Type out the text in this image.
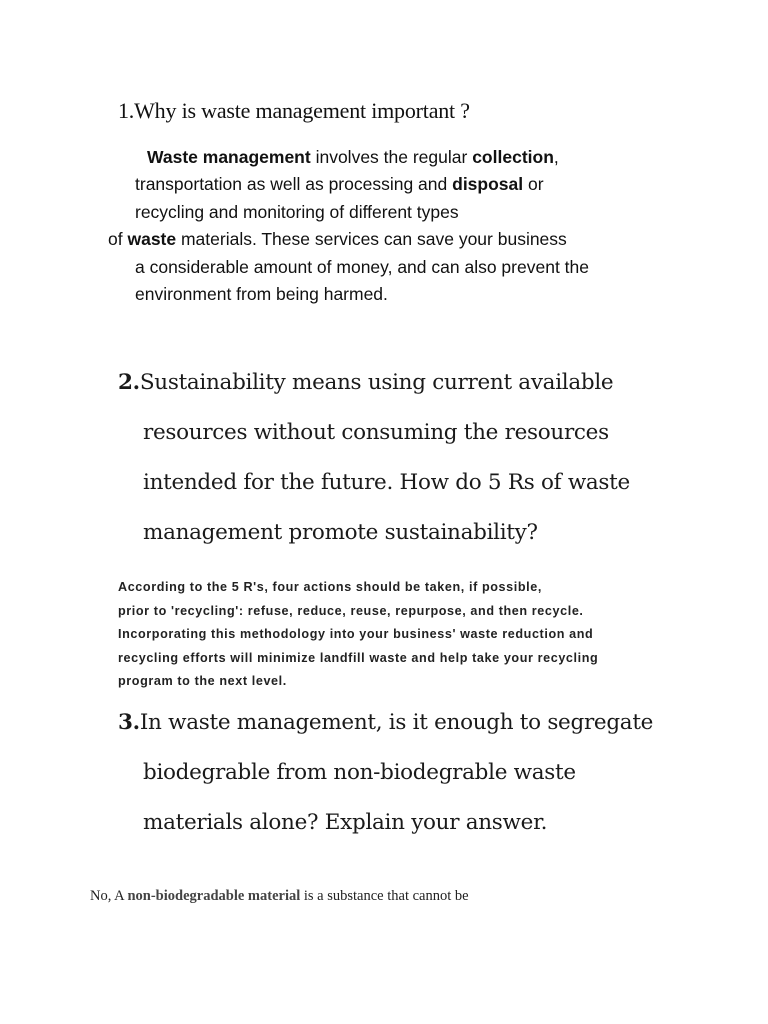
1.Why is waste management important ?
Waste management involves the regular collection,
transportation as well as processing and disposal or
recycling and monitoring of different types
of waste materials. These services can save your business
a considerable amount of money, and can also prevent the
environment from being harmed.
2.Sustainability means using current available
resources without consuming the resources
intended for the future. How do 5 Rs of waste
management promote sustainability?
According to the 5 R's, four actions should be taken, if possible,
prior to 'recycling': refuse, reduce, reuse, repurpose, and then recycle.
Incorporating this methodology into your business' waste reduction and
recycling efforts will minimize landfill waste and help take your recycling
program to the next level.
3.In waste management, is it enough to segregate
biodegrable from non-biodegrable waste
materials alone? Explain your answer.
No, A non-biodegradable material is a substance that cannot be
